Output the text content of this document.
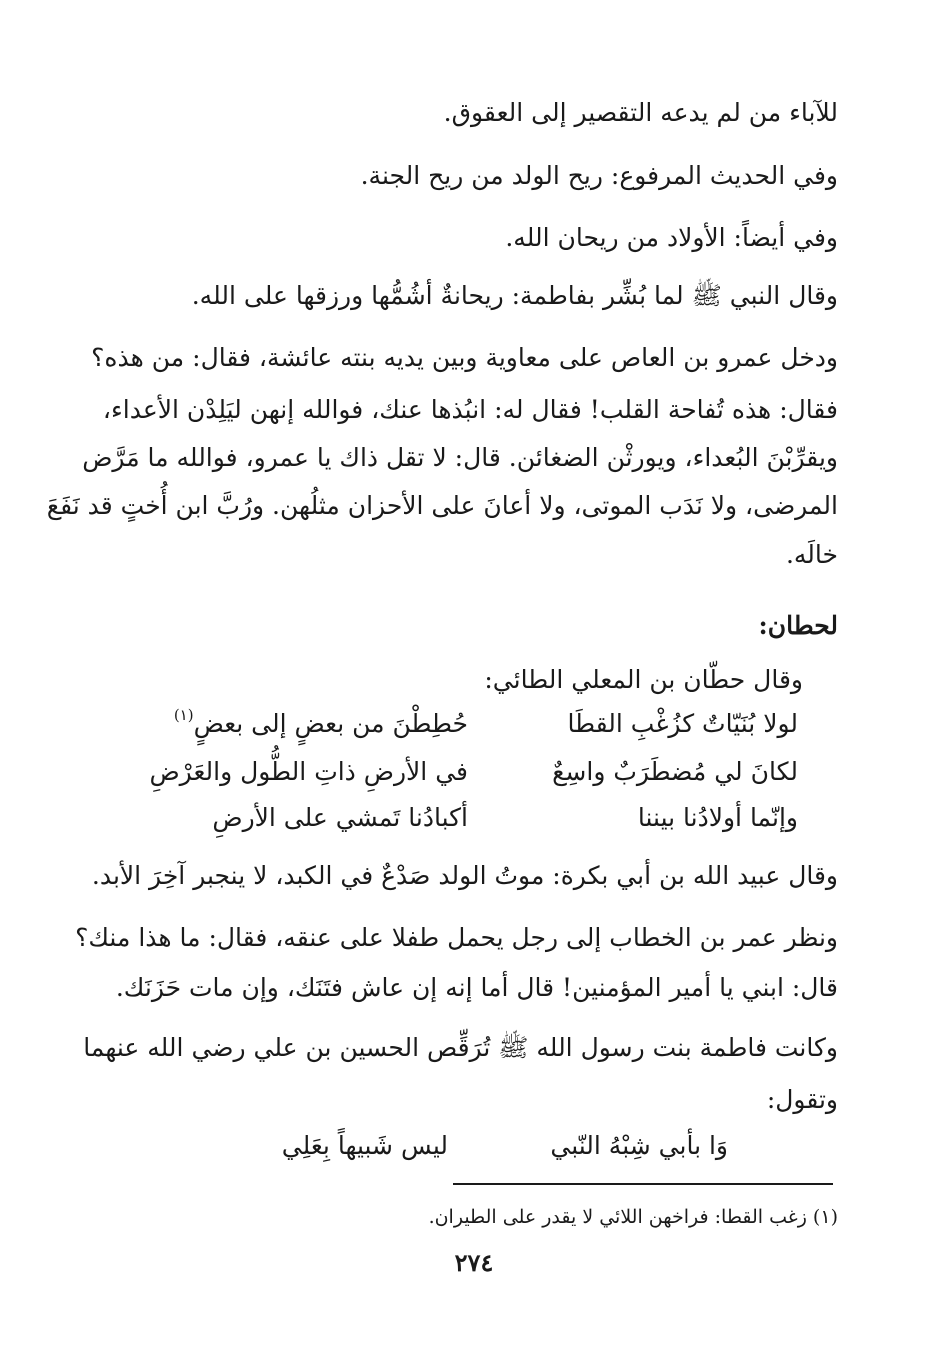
للآباء من لم يدعه التقصير إلى العقوق.
وفي الحديث المرفوع: ريح الولد من ريح الجنة.
وفي أيضاً: الأولاد من ريحان الله.
وقال النبي ﷺ لما بُشِّر بفاطمة: ريحانةٌ أشُمُّها ورزقها على الله.
ودخل عمرو بن العاص على معاوية وبين يديه بنته عائشة، فقال: من هذه؟
فقال: هذه تُفاحة القلب! فقال له: انبُذها عنك، فوالله إنهن ليَلِدْن الأعداء،
ويقرِّبْنَ البُعداء، ويورثْن الضغائن. قال: لا تقل ذاك يا عمرو، فوالله ما مَرَّض
المرضى، ولا نَدَب الموتى، ولا أعانَ على الأحزان مثلُهن. ورُبَّ ابن أُختٍ قد نَفَعَ
خالَه.
لحطان:
وقال حطّان بن المعلي الطائي:
لولا بُنَيّاتٌ كزُغْبِ القطَا
حُطِطْنَ من بعضٍ إلى بعضٍ$^{(١)}$
لكانَ لي مُضطَرَبٌ واسِعٌ
في الأرضِ ذاتِ الطُّول والعَرْضِ
وإنّما أولادُنا بيننا
أكبادُنا تَمشي على الأرضِ
وقال عبيد الله بن أبي بكرة: موتُ الولد صَدْعٌ في الكبد، لا ينجبر آخِرَ الأبد.
ونظر عمر بن الخطاب إلى رجل يحمل طفلا على عنقه، فقال: ما هذا منك؟
قال: ابني يا أمير المؤمنين! قال أما إنه إن عاش فتَنَك، وإن مات حَزَنَك.
وكانت فاطمة بنت رسول الله ﷺ تُرَقِّص الحسين بن علي رضي الله عنهما
وتقول:
وَا بأبي شِبْهُ النّبي
ليس شَبيهاً بِعَلِي
(١) زغب القطا: فراخهن اللائي لا يقدر على الطيران.
٢٧٤
